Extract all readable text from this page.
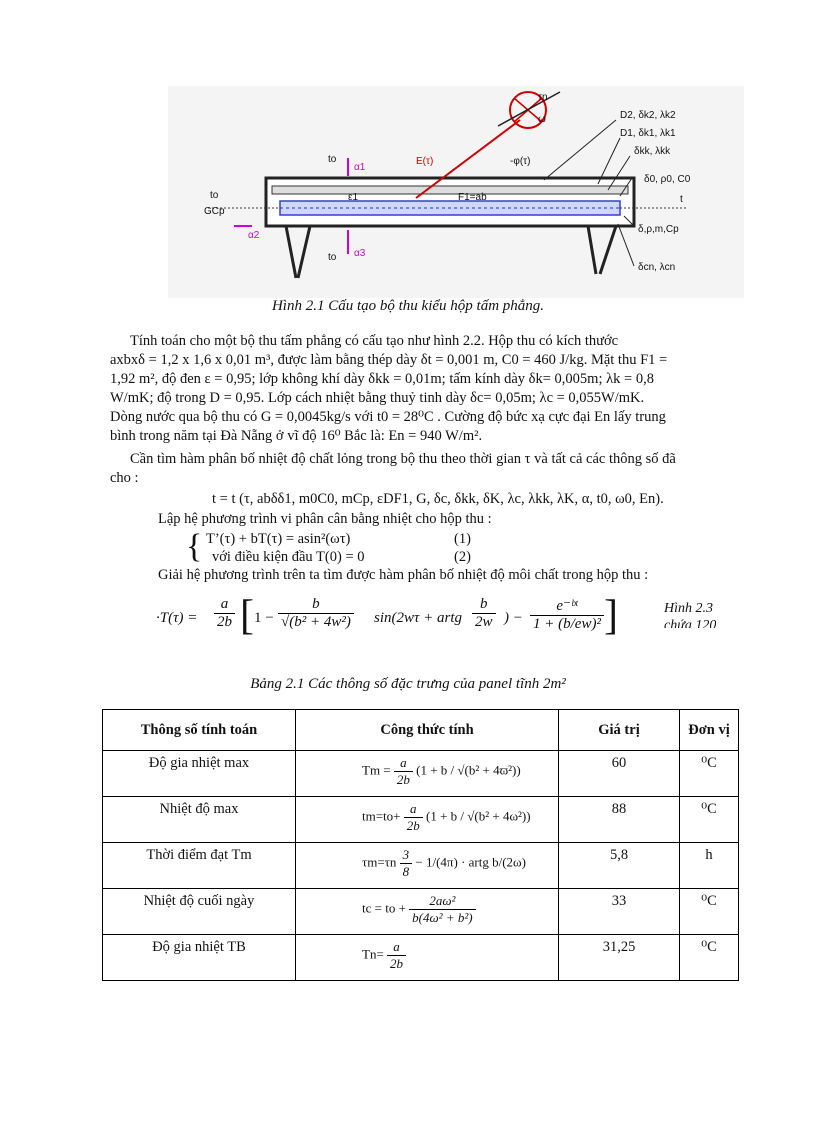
τn
ω
to
α1
E(τ)	-φ(τ)
ε1	F1=ab
to
GCp
α2
to α3
D2, δk2, λk2
D1, δk1, λk1
δkk, λkk
δ0, ρ0, C0
t
δ,ρ,m,Cp
δcn, λcn
Hình 2.1 Cấu tạo bộ thu kiểu hộp tấm phẳng.
Tính toán cho một bộ thu tấm phẳng có cấu tạo như hình 2.2. Hộp thu có kích thước
axbxδ = 1,2 x 1,6 x 0,01 m³, được làm bằng thép dày δt = 0,001 m, C0 = 460 J/kg. Mặt thu F1 =
1,92 m², độ đen ε = 0,95; lớp không khí dày δkk = 0,01m; tấm kính dày δk= 0,005m; λk = 0,8
W/mK; độ trong D = 0,95. Lớp cách nhiệt bằng thuỷ tinh dày δc= 0,05m; λc = 0,055W/mK.
Dòng nước qua bộ thu có G = 0,0045kg/s với t0 = 28⁰C . Cường độ bức xạ cực đại En lấy trung
bình trong năm tại Đà Nẵng ở vĩ độ 16⁰ Bắc là: En = 940 W/m².
Cần tìm hàm phân bố nhiệt độ chất lỏng trong bộ thu theo thời gian τ và tất cả các thông số đã
cho :
t = t (τ, abδδ1, m0C0, mCp, εDF1, G, δc, δkk, δK, λc, λkk, λK, α, t0, ω0, En).
Lập hệ phương trình vi phân cân bằng nhiệt cho hộp thu :
{ T’(τ) + bT(τ) = asin²(ωτ)	(1)
với điều kiện đầu T(0) = 0	(2)
Giải hệ phương trình trên ta tìm được hàm phân bố nhiệt độ môi chất trong hộp thu :
$\cdot T(\tau) = \frac{a}{2b}$ [ $1 - \frac{b}{\text{√(b² + 4w²)}} \sin(2w\tau$ + artg $\frac{b}{2w}$ ) − $\frac{\text{e⁻ᵇᵗ}}{\text{1 + (b/ew)²}}$ ]	Hình 2.3
chứa 120
Bảng 2.1 Các thông số đặc trưng của panel tĩnh 2m²
Thông số tính toán	Công thức tính	Giá trị	Đơn vị
Độ gia nhiệt max	$Tm = \frac{a}{2b} (1 + b / √(b^2 + 4ϖ^2))$	60	⁰C
Nhiệt độ max	$tm=to+ \frac{a}{2b} (1 + b / √(b^2 + 4\omega^2))$	88	⁰C
Thời điểm đạt Tm	$\tau m=\tau n \frac{3}{8} - 1/(4\pi)$ · artg b/(2ω)	5,8	h
Nhiệt độ cuối ngày	tc = to + $\frac{\text{2aω²}}{\text{b(4ω² + b²)}}$	33	⁰C
Độ gia nhiệt TB	$Tn= \frac{a}{2b}$	31,25	⁰C
